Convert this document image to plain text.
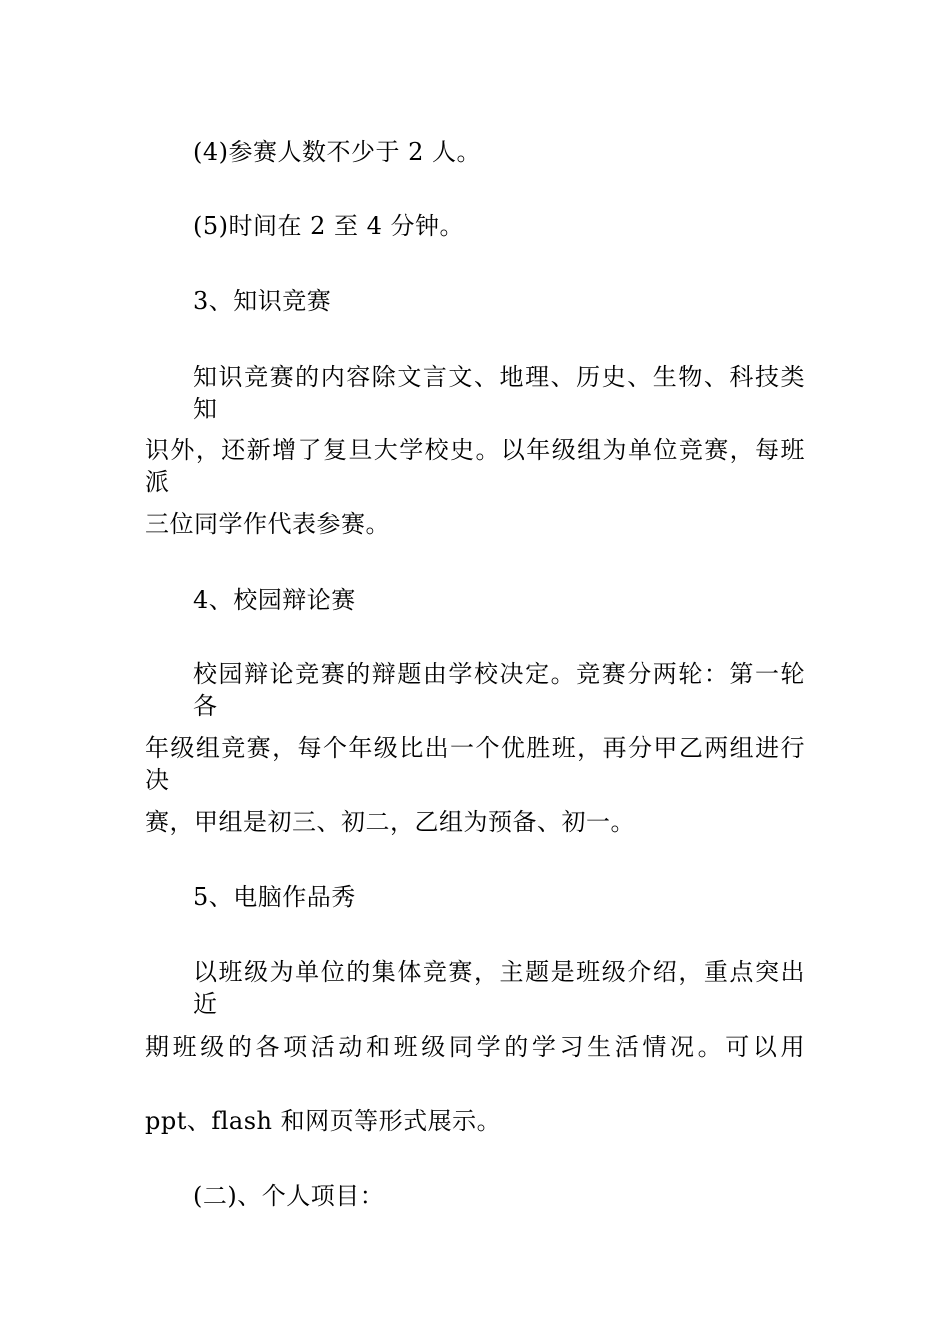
(4)参赛人数不少于 2 人。
(5)时间在 2 至 4 分钟。
3、知识竞赛
知识竞赛的内容除文言文、地理、历史、生物、科技类知
识外，还新增了复旦大学校史。以年级组为单位竞赛，每班派
三位同学作代表参赛。
4、校园辩论赛
校园辩论竞赛的辩题由学校决定。竞赛分两轮：第一轮各
年级组竞赛，每个年级比出一个优胜班，再分甲乙两组进行决
赛，甲组是初三、初二，乙组为预备、初一。
5、电脑作品秀
以班级为单位的集体竞赛，主题是班级介绍，重点突出近
期班级的各项活动和班级同学的学习生活情况。可以用
ppt、flash 和网页等形式展示。
(二)、个人项目：
